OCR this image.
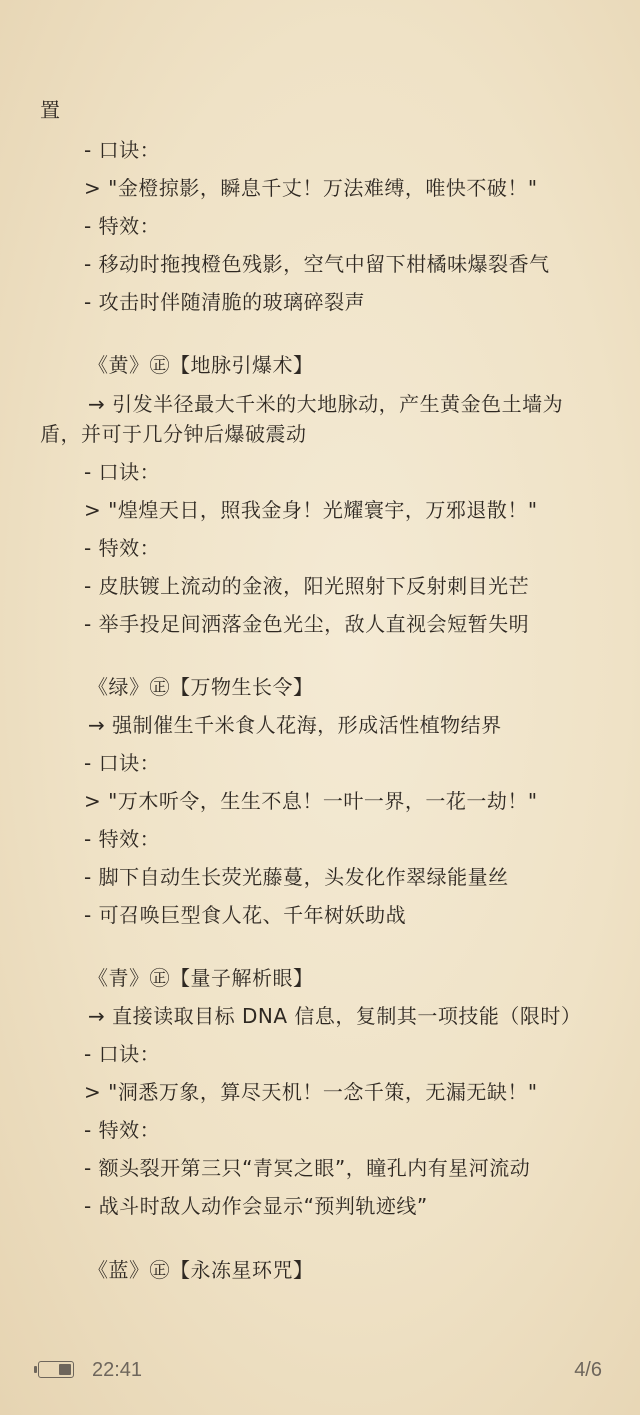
置
- 口诀：
> "金橙掠影，瞬息千丈！万法难缚，唯快不破！"
- 特效：
- 移动时拖拽橙色残影，空气中留下柑橘味爆裂香气
- 攻击时伴随清脆的玻璃碎裂声
《黄》㊣【地脉引爆术】
→ 引发半径最大千米的大地脉动，产生黄金色土墙为
盾，并可于几分钟后爆破震动
- 口诀：
> "煌煌天日，照我金身！光耀寰宇，万邪退散！"
- 特效：
- 皮肤镀上流动的金液，阳光照射下反射刺目光芒
- 举手投足间洒落金色光尘，敌人直视会短暂失明
《绿》㊣【万物生长令】
→ 强制催生千米食人花海，形成活性植物结界
- 口诀：
> "万木听令，生生不息！一叶一界，一花一劫！"
- 特效：
- 脚下自动生长荧光藤蔓，头发化作翠绿能量丝
- 可召唤巨型食人花、千年树妖助战
《青》㊣【量子解析眼】
→ 直接读取目标 DNA 信息，复制其一项技能（限时）
- 口诀：
> "洞悉万象，算尽天机！一念千策，无漏无缺！"
- 特效：
- 额头裂开第三只“青冥之眼”，瞳孔内有星河流动
- 战斗时敌人动作会显示“预判轨迹线”
《蓝》㊣【永冻星环咒】
22:41	4/6
